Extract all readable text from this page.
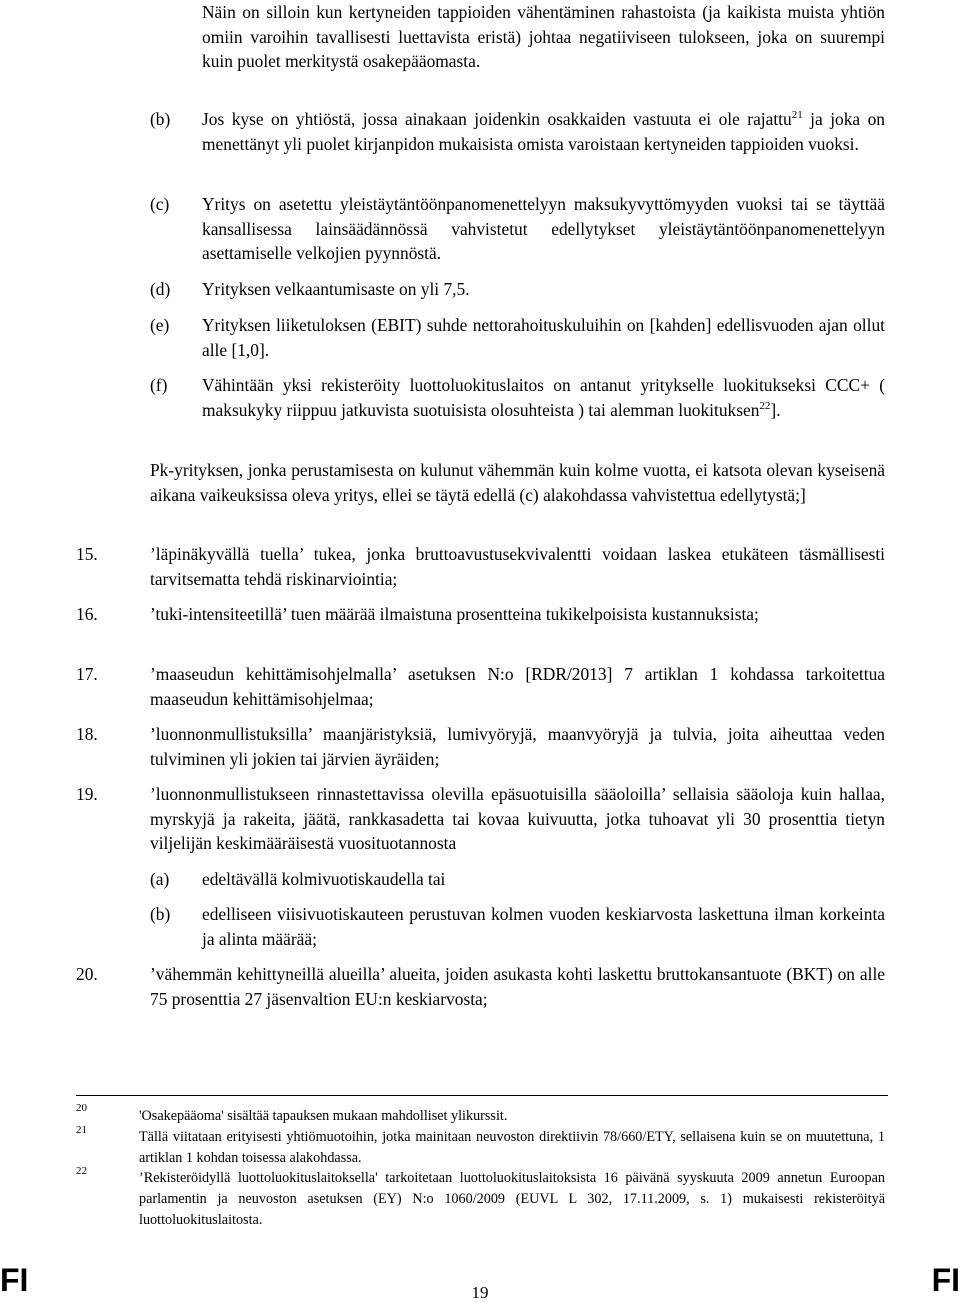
Näin on silloin kun kertyneiden tappioiden vähentäminen rahastoista (ja kaikista muista yhtiön omiin varoihin tavallisesti luettavista eristä) johtaa negatiiviseen tulokseen, joka on suurempi kuin puolet merkitystä osakepääomasta.
(b) Jos kyse on yhtiöstä, jossa ainakaan joidenkin osakkaiden vastuuta ei ole rajattu$^{21}$ ja joka on menettänyt yli puolet kirjanpidon mukaisista omista varoistaan kertyneiden tappioiden vuoksi.
(c) Yritys on asetettu yleistäytäntöönpanomenettelyyn maksukyvyttömyyden vuoksi tai se täyttää kansallisessa lainsäädännössä vahvistetut edellytykset yleistäytäntöönpanomenettelyyn asettamiselle velkojien pyynnöstä.
(d) Yrityksen velkaantumisaste on yli 7,5.
(e) Yrityksen liiketuloksen (EBIT) suhde nettorahoituskuluihin on [kahden] edellisvuoden ajan ollut alle [1,0].
(f) Vähintään yksi rekisteröity luottoluokituslaitos on antanut yritykselle luokitukseksi CCC+ ( maksukyky riippuu jatkuvista suotuisista olosuhteista ) tai alemman luokituksen$^{22}$].
Pk-yrityksen, jonka perustamisesta on kulunut vähemmän kuin kolme vuotta, ei katsota olevan kyseisenä aikana vaikeuksissa oleva yritys, ellei se täytä edellä (c) alakohdassa vahvistettua edellytystä;]
15.	’läpinäkyvällä tuella’ tukea, jonka bruttoavustusekvivalentti voidaan laskea etukäteen täsmällisesti tarvitsematta tehdä riskinarviointia;
16.	’tuki-intensiteetillä’ tuen määrää ilmaistuna prosentteina tukikelpoisista kustannuksista;
17.	’maaseudun kehittämisohjelmalla’ asetuksen N:o [RDR/2013] 7 artiklan 1 kohdassa tarkoitettua maaseudun kehittämisohjelmaa;
18.	’luonnonmullistuksilla’ maanjäristyksiä, lumivyöryjä, maanvyöryjä ja tulvia, joita aiheuttaa veden tulviminen yli jokien tai järvien äyräiden;
19.	’luonnonmullistukseen rinnastettavissa olevilla epäsuotuisilla sääoloilla’ sellaisia sääoloja kuin hallaa, myrskyjä ja rakeita, jäätä, rankkasadetta tai kovaa kuivuutta, jotka tuhoavat yli 30 prosenttia tietyn viljelijän keskimääräisestä vuosituotannosta
(a) edeltävällä kolmivuotiskaudella tai
(b) edelliseen viisivuotiskauteen perustuvan kolmen vuoden keskiarvosta laskettuna ilman korkeinta ja alinta määrää;
20.	’vähemmän kehittyneillä alueilla’ alueita, joiden asukasta kohti laskettu bruttokansantuote (BKT) on alle 75 prosenttia 27 jäsenvaltion EU:n keskiarvosta;
20	'Osakepääoma' sisältää tapauksen mukaan mahdolliset ylikurssit.
21	Tällä viitataan erityisesti yhtiömuotoihin, jotka mainitaan neuvoston direktiivin 78/660/ETY, sellaisena kuin se on muutettuna, 1 artiklan 1 kohdan toisessa alakohdassa.
22	’Rekisteröidyllä luottoluokituslaitoksella' tarkoitetaan luottoluokituslaitoksista 16 päivänä syyskuuta 2009 annetun Euroopan parlamentin ja neuvoston asetuksen (EY) N:o 1060/2009 (EUVL L 302, 17.11.2009, s. 1) mukaisesti rekisteröityä luottoluokituslaitosta.
FI	FI
19
